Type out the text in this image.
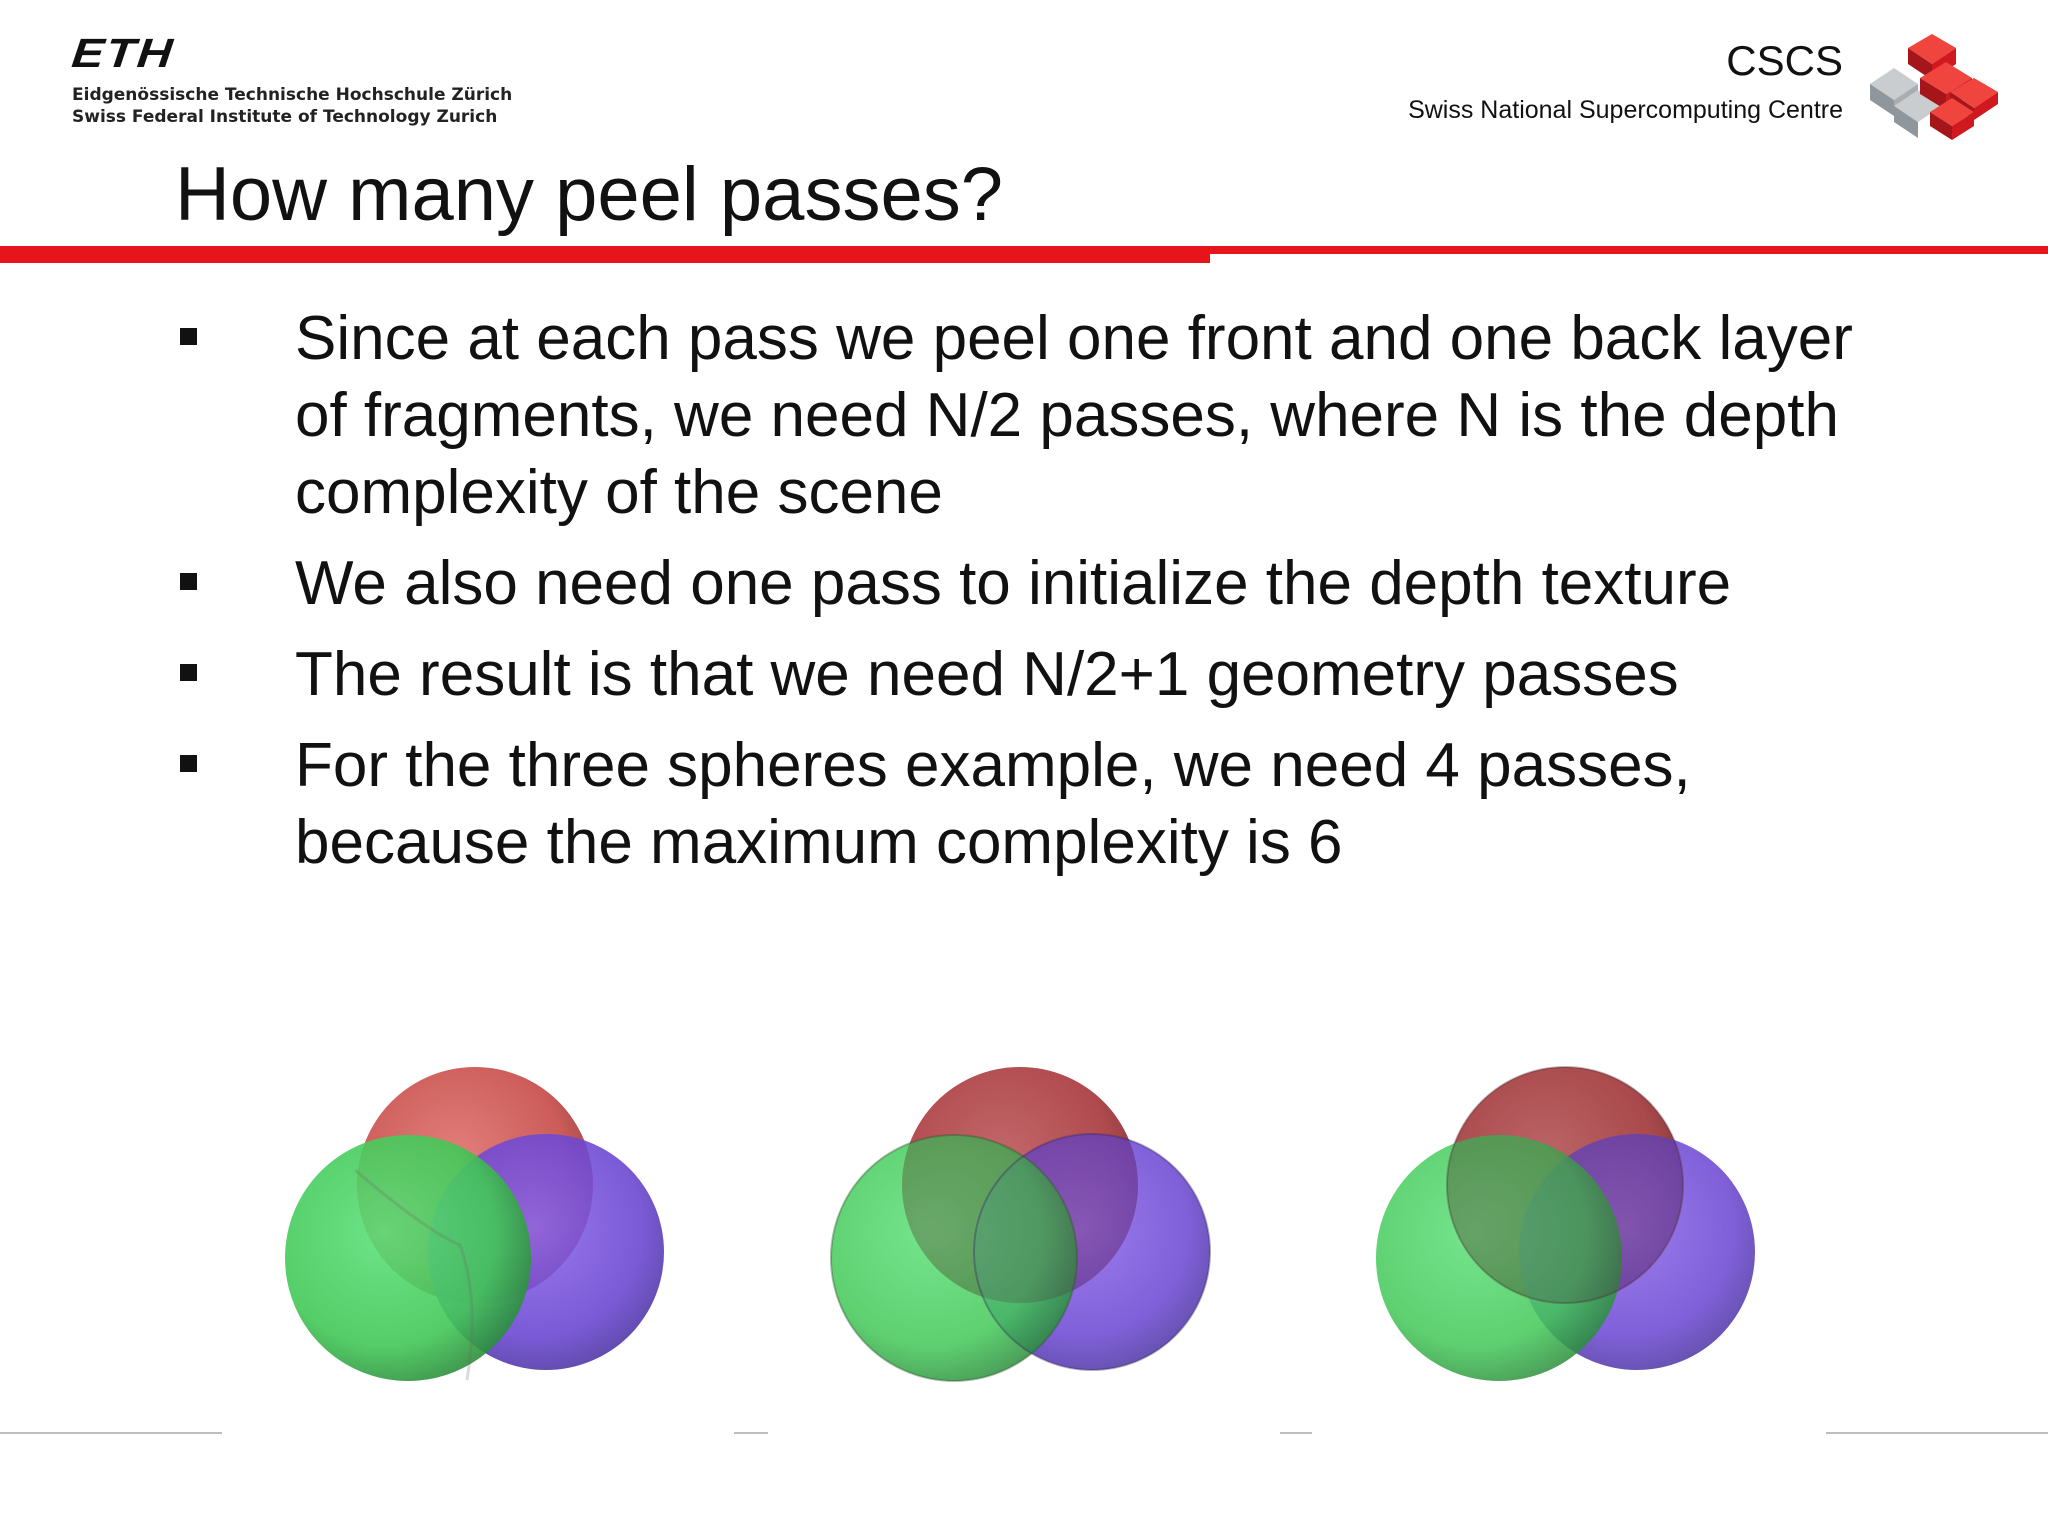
ETH
Eidgenössische Technische Hochschule Zürich
Swiss Federal Institute of Technology Zurich
CSCS
Swiss National Supercomputing Centre
How many peel passes?
Since at each pass we peel one front and one back layer of fragments, we need N/2 passes, where N is the depth complexity of the scene
We also need one pass to initialize the depth texture
The result is that we need N/2+1 geometry passes
For the three spheres example, we need 4 passes, because the maximum complexity is 6
